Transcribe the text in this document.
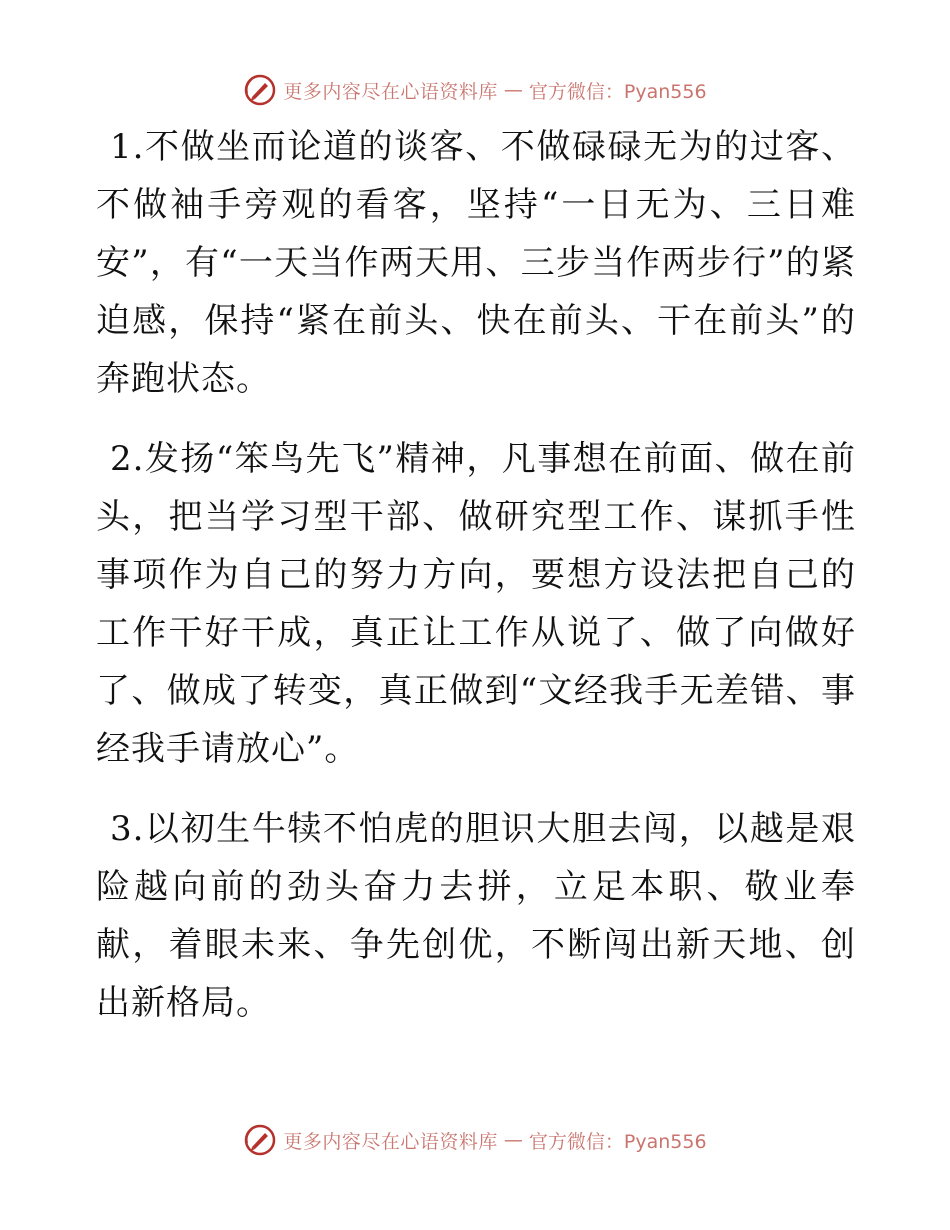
更多内容尽在心语资料库 — 官方微信：Pyan556

1.不做坐而论道的谈客、不做碌碌无为的过客、不做袖手旁观的看客，坚持“一日无为、三日难安”，有“一天当作两天用、三步当作两步行”的紧迫感，保持“紧在前头、快在前头、干在前头”的奔跑状态。

2.发扬“笨鸟先飞”精神，凡事想在前面、做在前头，把当学习型干部、做研究型工作、谋抓手性事项作为自己的努力方向，要想方设法把自己的工作干好干成，真正让工作从说了、做了向做好了、做成了转变，真正做到“文经我手无差错、事经我手请放心”。

3.以初生牛犊不怕虎的胆识大胆去闯，以越是艰险越向前的劲头奋力去拼，立足本职、敬业奉献，着眼未来、争先创优，不断闯出新天地、创出新格局。

更多内容尽在心语资料库 — 官方微信：Pyan556
